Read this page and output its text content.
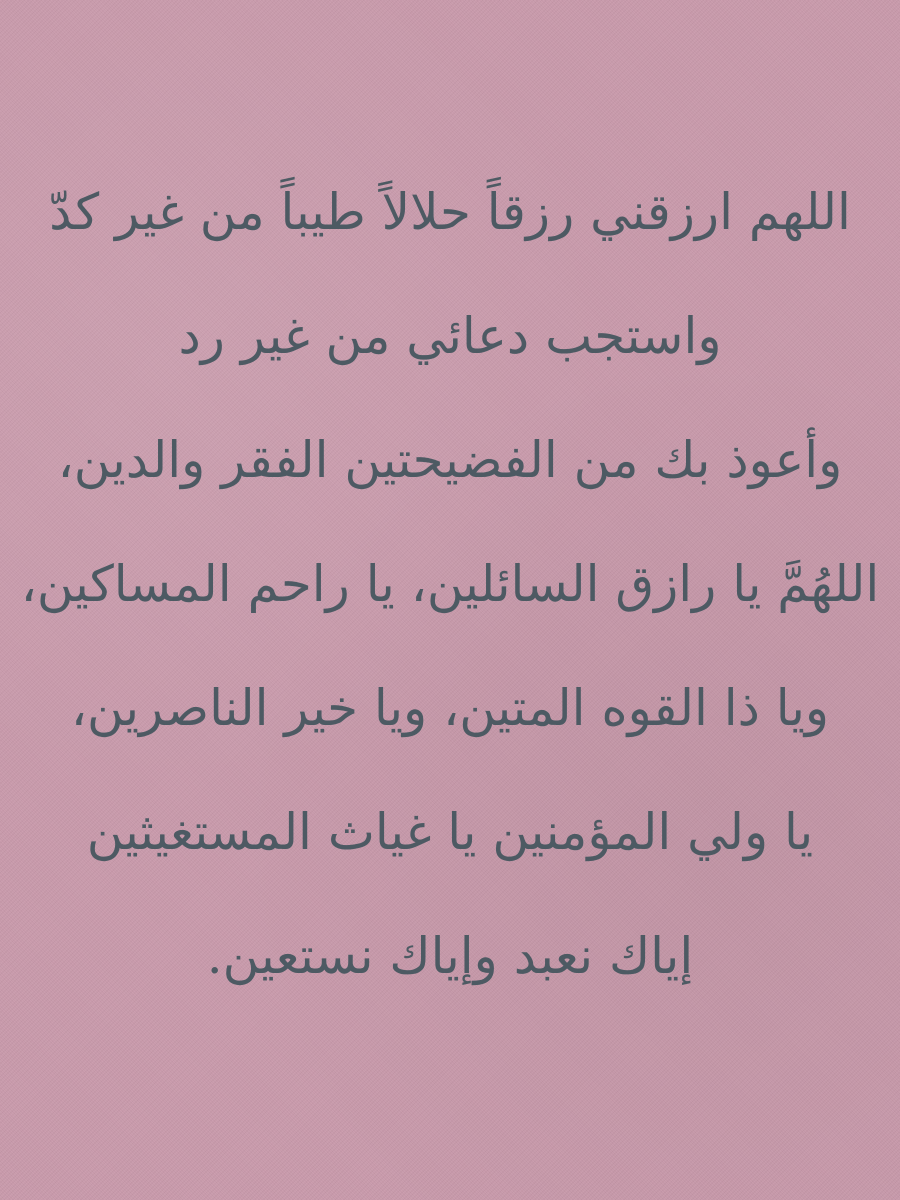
اللهم ارزقني رزقاً حلالاً طيباً من غير كدّ
واستجب دعائي من غير رد
وأعوذ بك من الفضيحتين الفقر والدين،
اللهُمَّ يا رازق السائلين، يا راحم المساكين،
ويا ذا القوه المتين، ويا خير الناصرين،
يا ولي المؤمنين يا غياث المستغيثين
إياك نعبد وإياك نستعين.
